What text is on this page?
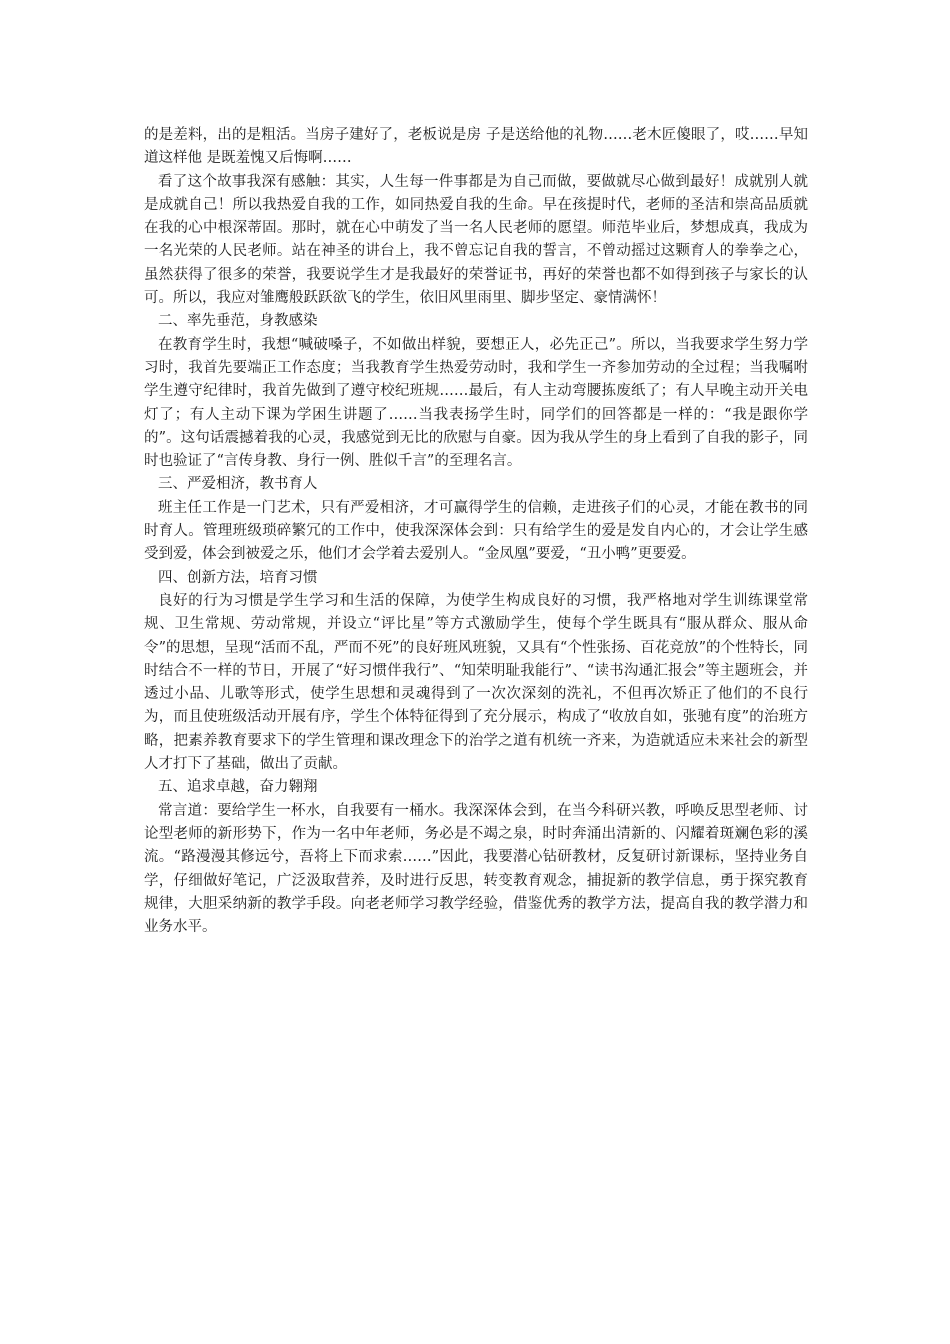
的是差料，出的是粗活。当房子建好了，老板说是房 子是送给他的礼物……老木匠傻眼了，哎……早知道这样他 是既羞愧又后悔啊……

看了这个故事我深有感触：其实，人生每一件事都是为自己而做，要做就尽心做到最好！成就别人就是成就自己！所以我热爱自我的工作，如同热爱自我的生命。早在孩提时代，老师的圣洁和崇高品质就在我的心中根深蒂固。那时，就在心中萌发了当一名人民老师的愿望。师范毕业后，梦想成真，我成为一名光荣的人民老师。站在神圣的讲台上，我不曾忘记自我的誓言，不曾动摇过这颗育人的拳拳之心，虽然获得了很多的荣誉，我要说学生才是我最好的荣誉证书，再好的荣誉也都不如得到孩子与家长的认可。所以，我应对雏鹰般跃跃欲飞的学生，依旧风里雨里、脚步坚定、豪情满怀！

二、率先垂范，身教感染

在教育学生时，我想“喊破嗓子，不如做出样貌，要想正人，必先正己”。所以，当我要求学生努力学习时，我首先要端正工作态度；当我教育学生热爱劳动时，我和学生一齐参加劳动的全过程；当我嘱咐学生遵守纪律时，我首先做到了遵守校纪班规……最后，有人主动弯腰拣废纸了；有人早晚主动开关电灯了；有人主动下课为学困生讲题了……当我表扬学生时，同学们的回答都是一样的：“我是跟你学的”。这句话震撼着我的心灵，我感觉到无比的欣慰与自豪。因为我从学生的身上看到了自我的影子，同时也验证了“言传身教、身行一例、胜似千言”的至理名言。

三、严爱相济，教书育人

班主任工作是一门艺术，只有严爱相济，才可赢得学生的信赖，走进孩子们的心灵，才能在教书的同时育人。管理班级琐碎繁冗的工作中，使我深深体会到：只有给学生的爱是发自内心的，才会让学生感受到爱，体会到被爱之乐，他们才会学着去爱别人。“金凤凰”要爱，“丑小鸭”更要爱。

四、创新方法，培育习惯

良好的行为习惯是学生学习和生活的保障，为使学生构成良好的习惯，我严格地对学生训练课堂常规、卫生常规、劳动常规，并设立“评比星”等方式激励学生，使每个学生既具有“服从群众、服从命令”的思想，呈现“活而不乱，严而不死”的良好班风班貌，又具有“个性张扬、百花竞放”的个性特长，同时结合不一样的节日，开展了“好习惯伴我行”、“知荣明耻我能行”、“读书沟通汇报会”等主题班会，并透过小品、儿歌等形式，使学生思想和灵魂得到了一次次深刻的洗礼，不但再次矫正了他们的不良行为，而且使班级活动开展有序，学生个体特征得到了充分展示，构成了“收放自如，张驰有度”的治班方略，把素养教育要求下的学生管理和课改理念下的治学之道有机统一齐来，为造就适应未来社会的新型人才打下了基础，做出了贡献。

五、追求卓越，奋力翱翔

常言道：要给学生一杯水，自我要有一桶水。我深深体会到，在当今科研兴教，呼唤反思型老师、讨论型老师的新形势下，作为一名中年老师，务必是不竭之泉，时时奔涌出清新的、闪耀着斑斓色彩的溪流。“路漫漫其修远兮，吾将上下而求索……”因此，我要潜心钻研教材，反复研讨新课标，坚持业务自学，仔细做好笔记，广泛汲取营养，及时进行反思，转变教育观念，捕捉新的教学信息，勇于探究教育规律，大胆采纳新的教学手段。向老老师学习教学经验，借鉴优秀的教学方法，提高自我的教学潜力和业务水平。
